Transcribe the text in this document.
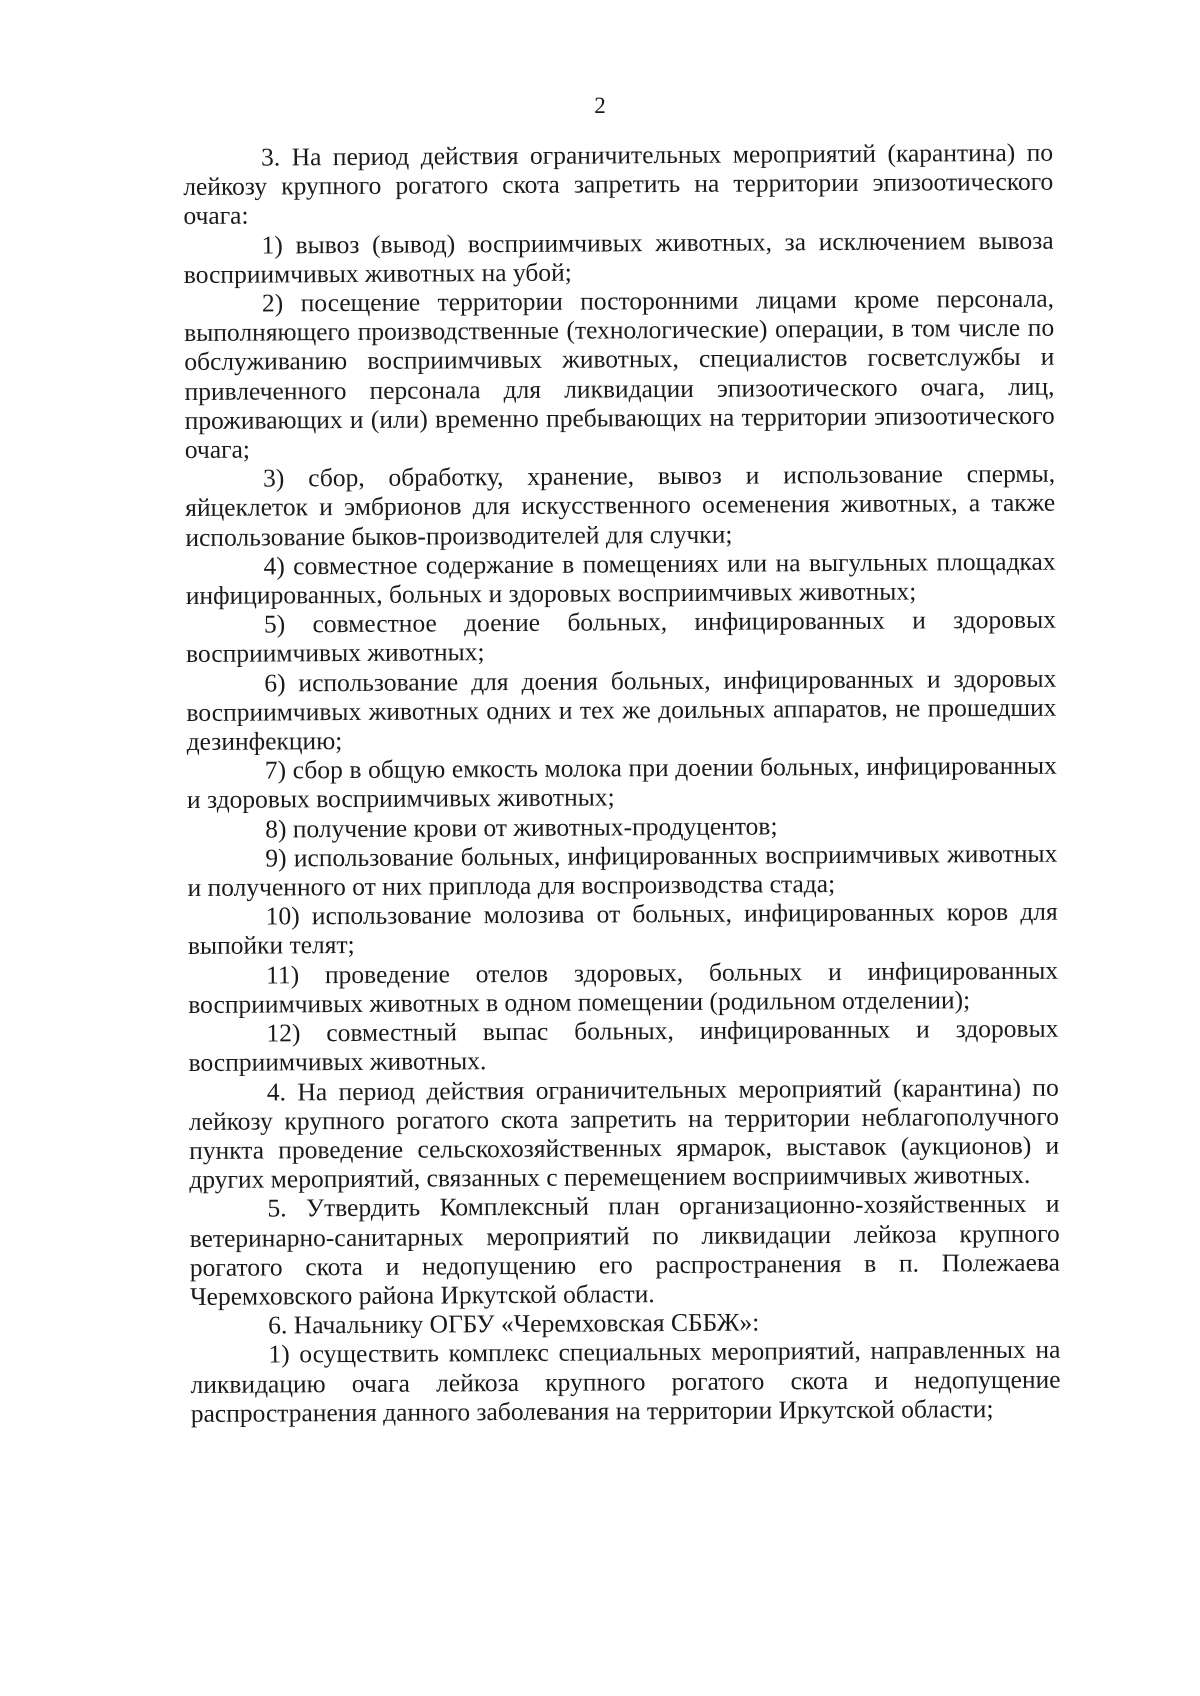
2

3. На период действия ограничительных мероприятий (карантина) по лейкозу крупного рогатого скота запретить на территории эпизоотического очага:

1) вывоз (вывод) восприимчивых животных, за исключением вывоза восприимчивых животных на убой;

2) посещение территории посторонними лицами кроме персонала, выполняющего производственные (технологические) операции, в том числе по обслуживанию восприимчивых животных, специалистов госветслужбы и привлеченного персонала для ликвидации эпизоотического очага, лиц, проживающих и (или) временно пребывающих на территории эпизоотического очага;

3) сбор, обработку, хранение, вывоз и использование спермы, яйцеклеток и эмбрионов для искусственного осеменения животных, а также использование быков-производителей для случки;

4) совместное содержание в помещениях или на выгульных площадках инфицированных, больных и здоровых восприимчивых животных;

5) совместное доение больных, инфицированных и здоровых восприимчивых животных;

6) использование для доения больных, инфицированных и здоровых восприимчивых животных одних и тех же доильных аппаратов, не прошедших дезинфекцию;

7) сбор в общую емкость молока при доении больных, инфицированных и здоровых восприимчивых животных;

8) получение крови от животных-продуцентов;

9) использование больных, инфицированных восприимчивых животных и полученного от них приплода для воспроизводства стада;

10) использование молозива от больных, инфицированных коров для выпойки телят;

11) проведение отелов здоровых, больных и инфицированных восприимчивых животных в одном помещении (родильном отделении);

12) совместный выпас больных, инфицированных и здоровых восприимчивых животных.

4. На период действия ограничительных мероприятий (карантина) по лейкозу крупного рогатого скота запретить на территории неблагополучного пункта проведение сельскохозяйственных ярмарок, выставок (аукционов) и других мероприятий, связанных с перемещением восприимчивых животных.

5. Утвердить Комплексный план организационно-хозяйственных и ветеринарно-санитарных мероприятий по ликвидации лейкоза крупного рогатого скота и недопущению его распространения в п. Полежаева Черемховского района Иркутской области.

6. Начальнику ОГБУ «Черемховская СББЖ»:

1) осуществить комплекс специальных мероприятий, направленных на ликвидацию очага лейкоза крупного рогатого скота и недопущение распространения данного заболевания на территории Иркутской области;
